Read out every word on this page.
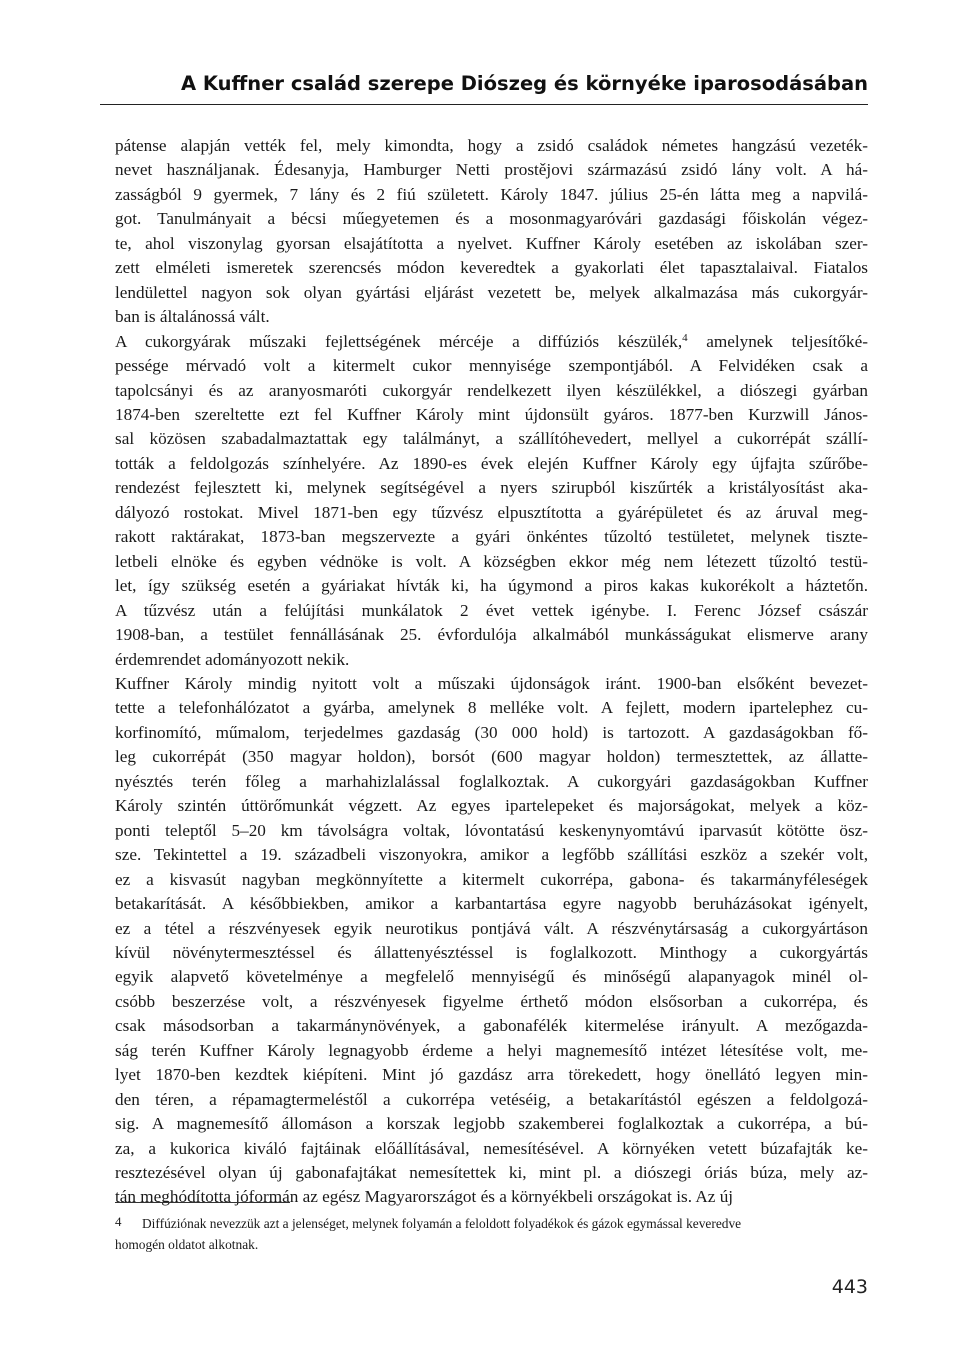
A Kuffner család szerepe Diószeg és környéke iparosodásában
pátense alapján vették fel, mely kimondta, hogy a zsidó családok németes hangzású vezeték-
nevet használjanak. Édesanyja, Hamburger Netti prostějovi származású zsidó lány volt. A há-
zasságból 9 gyermek, 7 lány és 2 fiú született. Károly 1847. július 25-én látta meg a napvilá-
got. Tanulmányait a bécsi műegyetemen és a mosonmagyaróvári gazdasági főiskolán végez-
te, ahol viszonylag gyorsan elsajátította a nyelvet. Kuffner Károly esetében az iskolában szer-
zett elméleti ismeretek szerencsés módon keveredtek a gyakorlati élet tapasztalaival. Fiatalos
lendülettel nagyon sok olyan gyártási eljárást vezetett be, melyek alkalmazása más cukorgyár-
ban is általánossá vált.
A cukorgyárak műszaki fejlettségének mércéje a diffúziós készülék,$^4$ amelynek teljesítőké-
pessége mérvadó volt a kitermelt cukor mennyisége szempontjából. A Felvidéken csak a
tapolcsányi és az aranyosmaróti cukorgyár rendelkezett ilyen készülékkel, a diószegi gyárban
1874-ben szereltette ezt fel Kuffner Károly mint újdonsült gyáros. 1877-ben Kurzwill János-
sal közösen szabadalmaztattak egy találmányt, a szállítóhevedert, mellyel a cukorrépát szállí-
tották a feldolgozás színhelyére. Az 1890-es évek elején Kuffner Károly egy újfajta szűrőbe-
rendezést fejlesztett ki, melynek segítségével a nyers szirupból kiszűrték a kristályosítást aka-
dályozó rostokat. Mivel 1871-ben egy tűzvész elpusztította a gyárépületet és az áruval meg-
rakott raktárakat, 1873-ban megszervezte a gyári önkéntes tűzoltó testületet, melynek tiszte-
letbeli elnöke és egyben védnöke is volt. A községben ekkor még nem létezett tűzoltó testü-
let, így szükség esetén a gyáriakat hívták ki, ha úgymond a piros kakas kukorékolt a háztetőn.
A tűzvész után a felújítási munkálatok 2 évet vettek igénybe. I. Ferenc József császár
1908-ban, a testület fennállásának 25. évfordulója alkalmából munkásságukat elismerve arany
érdemrendet adományozott nekik.
Kuffner Károly mindig nyitott volt a műszaki újdonságok iránt. 1900-ban elsőként bevezet-
tette a telefonhálózatot a gyárba, amelynek 8 melléke volt. A fejlett, modern ipartelephez cu-
korfinomító, műmalom, terjedelmes gazdaság (30 000 hold) is tartozott. A gazdaságokban fő-
leg cukorrépát (350 magyar holdon), borsót (600 magyar holdon) termesztettek, az állatte-
nyésztés terén főleg a marhahizlalással foglalkoztak. A cukorgyári gazdaságokban Kuffner
Károly szintén úttörőmunkát végzett. Az egyes ipartelepeket és majorságokat, melyek a köz-
ponti teleptől 5–20 km távolságra voltak, lóvontatású keskenynyomtávú iparvasút kötötte ösz-
sze. Tekintettel a 19. századbeli viszonyokra, amikor a legfőbb szállítási eszköz a szekér volt,
ez a kisvasút nagyban megkönnyítette a kitermelt cukorrépa, gabona- és takarmányféleségek
betakarítását. A későbbiekben, amikor a karbantartása egyre nagyobb beruházásokat igényelt,
ez a tétel a részvényesek egyik neurotikus pontjává vált. A részvénytársaság a cukorgyártáson
kívül növénytermesztéssel és állattenyésztéssel is foglalkozott. Minthogy a cukorgyártás
egyik alapvető követelménye a megfelelő mennyiségű és minőségű alapanyagok minél ol-
csóbb beszerzése volt, a részvényesek figyelme érthető módon elsősorban a cukorrépa, és
csak másodsorban a takarmánynövények, a gabonafélék kitermelése irányult. A mezőgazda-
ság terén Kuffner Károly legnagyobb érdeme a helyi magnemesítő intézet létesítése volt, me-
lyet 1870-ben kezdtek kiépíteni. Mint jó gazdász arra törekedett, hogy önellátó legyen min-
den téren, a répamagtermeléstől a cukorrépa vetéséig, a betakarítástól egészen a feldolgozá-
sig. A magnemesítő állomáson a korszak legjobb szakemberei foglalkoztak a cukorrépa, a bú-
za, a kukorica kiváló fajtáinak előállításával, nemesítésével. A környéken vetett búzafajták ke-
resztezésével olyan új gabonafajtákat nemesítettek ki, mint pl. a diószegi óriás búza, mely az-
tán meghódította jóformán az egész Magyarországot és a környékbeli országokat is. Az új
4	Diffúziónak nevezzük azt a jelenséget, melynek folyamán a feloldott folyadékok és gázok egymással keveredve
homogén oldatot alkotnak.
443
